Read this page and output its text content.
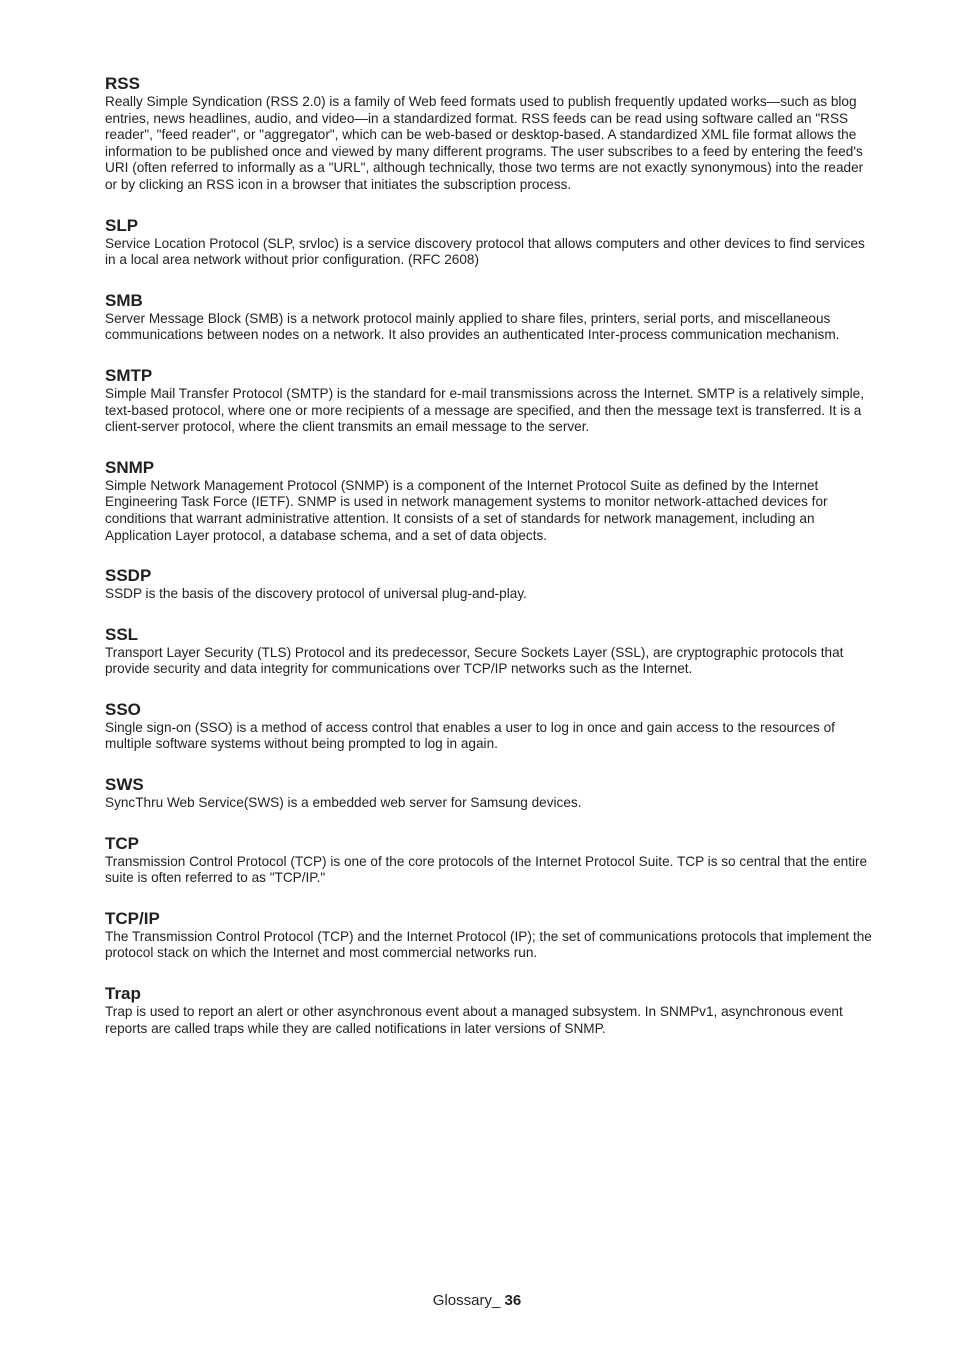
RSS

Really Simple Syndication (RSS 2.0) is a family of Web feed formats used to publish frequently updated works—such as blog entries, news headlines, audio, and video—in a standardized format. RSS feeds can be read using software called an "RSS reader", "feed reader", or "aggregator", which can be web-based or desktop-based. A standardized XML file format allows the information to be published once and viewed by many different programs. The user subscribes to a feed by entering the feed's URI (often referred to informally as a "URL", although technically, those two terms are not exactly synonymous) into the reader or by clicking an RSS icon in a browser that initiates the subscription process.

SLP

Service Location Protocol (SLP, srvloc) is a service discovery protocol that allows computers and other devices to find services in a local area network without prior configuration. (RFC 2608)

SMB

Server Message Block (SMB) is a network protocol mainly applied to share files, printers, serial ports, and miscellaneous communications between nodes on a network. It also provides an authenticated Inter-process communication mechanism.

SMTP

Simple Mail Transfer Protocol (SMTP) is the standard for e-mail transmissions across the Internet. SMTP is a relatively simple, text-based protocol, where one or more recipients of a message are specified, and then the message text is transferred. It is a client-server protocol, where the client transmits an email message to the server.

SNMP

Simple Network Management Protocol (SNMP) is a component of the Internet Protocol Suite as defined by the Internet Engineering Task Force (IETF). SNMP is used in network management systems to monitor network-attached devices for conditions that warrant administrative attention. It consists of a set of standards for network management, including an Application Layer protocol, a database schema, and a set of data objects.

SSDP

SSDP is the basis of the discovery protocol of universal plug-and-play.

SSL

Transport Layer Security (TLS) Protocol and its predecessor, Secure Sockets Layer (SSL), are cryptographic protocols that provide security and data integrity for communications over TCP/IP networks such as the Internet.

SSO

Single sign-on (SSO) is a method of access control that enables a user to log in once and gain access to the resources of multiple software systems without being prompted to log in again.

SWS

SyncThru Web Service(SWS) is a embedded web server for Samsung devices.

TCP

Transmission Control Protocol (TCP) is one of the core protocols of the Internet Protocol Suite. TCP is so central that the entire suite is often referred to as "TCP/IP."

TCP/IP

The Transmission Control Protocol (TCP) and the Internet Protocol (IP); the set of communications protocols that implement the protocol stack on which the Internet and most commercial networks run.

Trap

Trap is used to report an alert or other asynchronous event about a managed subsystem. In SNMPv1, asynchronous event reports are called traps while they are called notifications in later versions of SNMP.

Glossary_ 36
